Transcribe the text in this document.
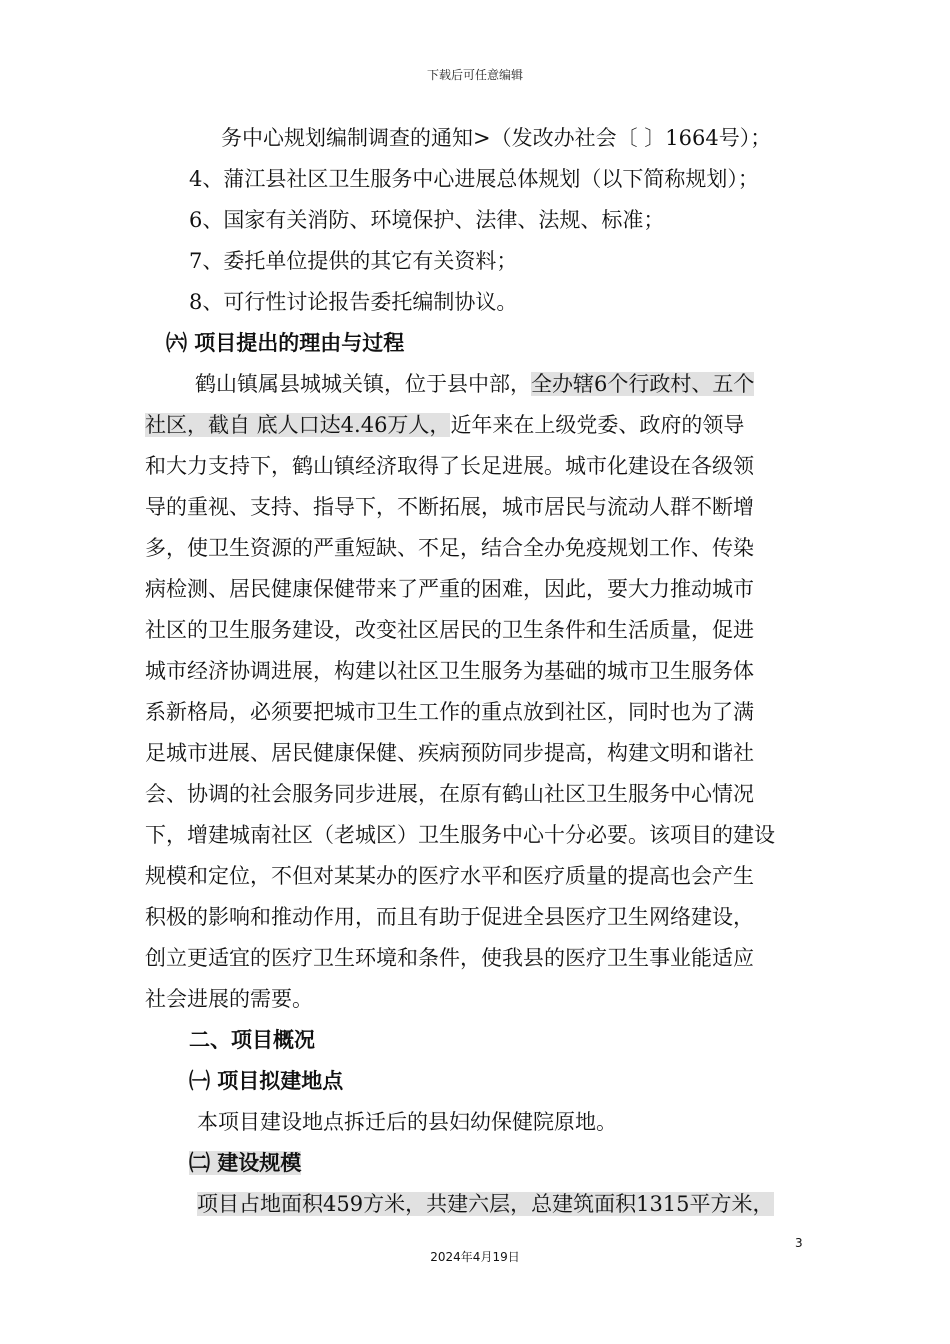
下载后可任意编辑
务中心规划编制调查的通知>（发改办社会〔 〕1664号）；
4、蒲江县社区卫生服务中心进展总体规划（以下简称规划）；
6、国家有关消防、环境保护、法律、法规、标准；
7、委托单位提供的其它有关资料；
8、可行性讨论报告委托编制协议。
㈥ 项目提出的理由与过程
鹤山镇属县城城关镇，位于县中部，全办辖6个行政村、五个
社区，截自 底人口达4.46万人，近年来在上级党委、政府的领导
和大力支持下，鹤山镇经济取得了长足进展。城市化建设在各级领
导的重视、支持、指导下，不断拓展，城市居民与流动人群不断增
多，使卫生资源的严重短缺、不足，结合全办免疫规划工作、传染
病检测、居民健康保健带来了严重的困难，因此，要大力推动城市
社区的卫生服务建设，改变社区居民的卫生条件和生活质量，促进
城市经济协调进展，构建以社区卫生服务为基础的城市卫生服务体
系新格局，必须要把城市卫生工作的重点放到社区，同时也为了满
足城市进展、居民健康保健、疾病预防同步提高，构建文明和谐社
会、协调的社会服务同步进展，在原有鹤山社区卫生服务中心情况
下，增建城南社区（老城区）卫生服务中心十分必要。该项目的建设
规模和定位，不但对某某办的医疗水平和医疗质量的提高也会产生
积极的影响和推动作用，而且有助于促进全县医疗卫生网络建设，
创立更适宜的医疗卫生环境和条件，使我县的医疗卫生事业能适应
社会进展的需要。
二、项目概况
㈠ 项目拟建地点
本项目建设地点拆迁后的县妇幼保健院原地。
㈡ 建设规模
项目占地面积459方米，共建六层，总建筑面积1315平方米，
3
2024年4月19日
